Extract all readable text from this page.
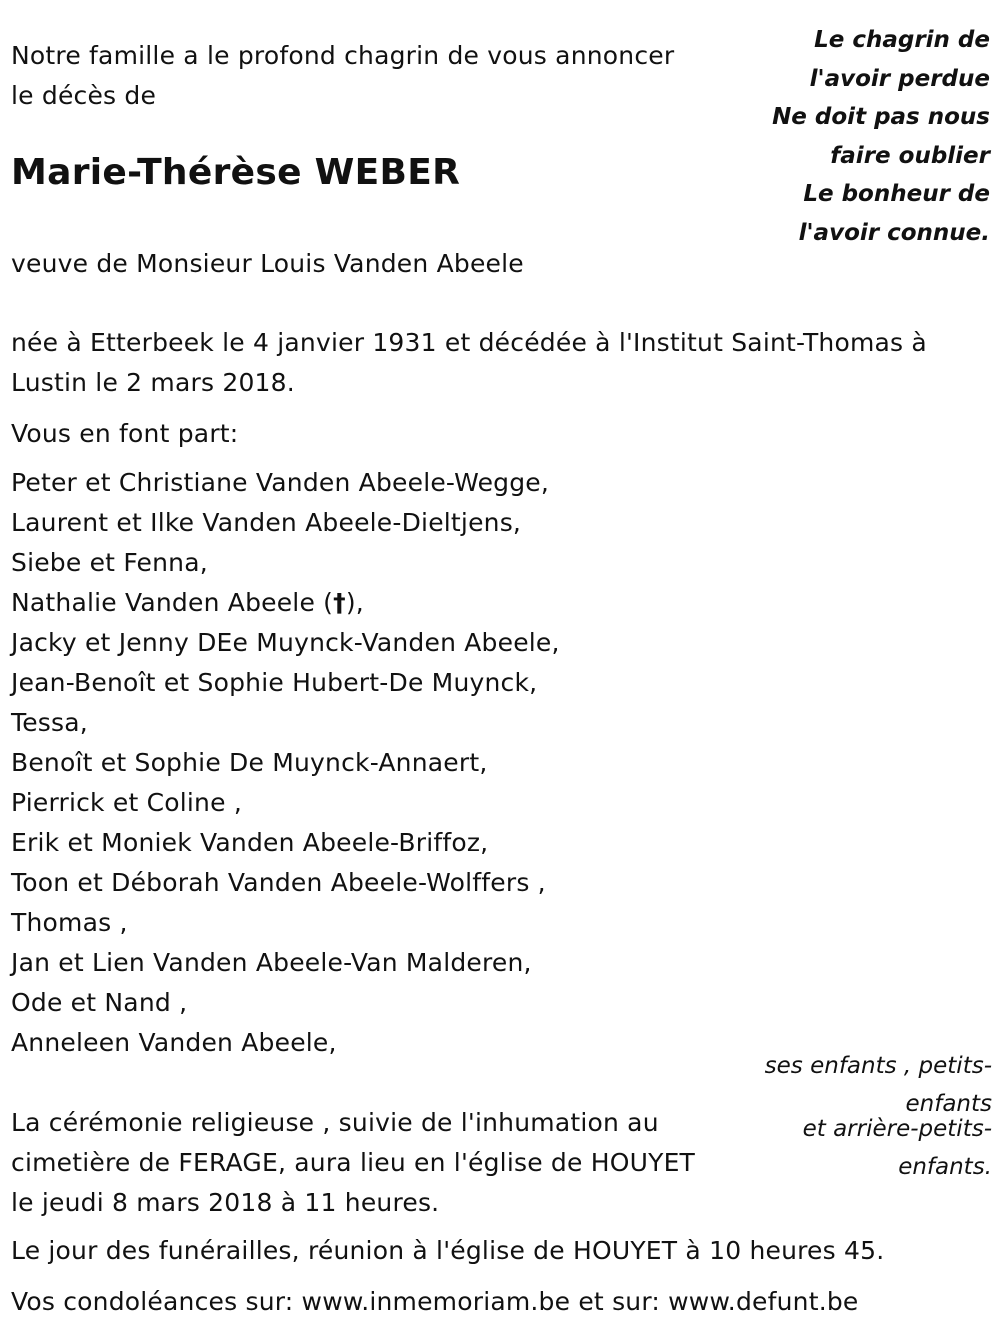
Notre famille a le profond chagrin de vous annoncer
le décès de
Marie-Thérèse WEBER
veuve de Monsieur Louis Vanden Abeele
née à Etterbeek le 4 janvier 1931 et décédée à l'Institut Saint-Thomas à
Lustin le 2 mars 2018.
Vous en font part:
Peter et Christiane Vanden Abeele-Wegge,
Laurent et Ilke Vanden Abeele-Dieltjens,
Siebe et Fenna,
Nathalie Vanden Abeele (†),
Jacky et Jenny DEe Muynck-Vanden Abeele,
Jean-Benoît et Sophie Hubert-De Muynck,
Tessa,
Benoît et Sophie De Muynck-Annaert,
Pierrick et Coline ,
Erik et Moniek Vanden Abeele-Briffoz,
Toon et Déborah Vanden Abeele-Wolffers ,
Thomas ,
Jan et Lien Vanden Abeele-Van Malderen,
Ode et Nand ,
Anneleen Vanden Abeele,
ses enfants , petits-
enfants
et arrière-petits-
enfants.
La cérémonie religieuse , suivie de l'inhumation au
cimetière de FERAGE, aura lieu en l'église de HOUYET
le jeudi 8 mars 2018 à 11 heures.
Le jour des funérailles, réunion à l'église de HOUYET à 10 heures 45.
Vos condoléances sur: www.inmemoriam.be et sur: www.defunt.be
Le chagrin de
l'avoir perdue
Ne doit pas nous
faire oublier
Le bonheur de
l'avoir connue.
